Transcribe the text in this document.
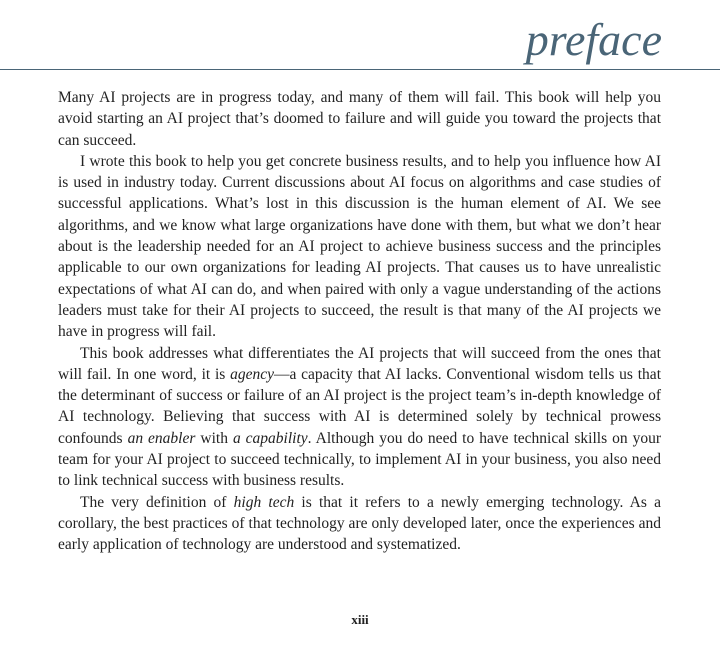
preface

Many AI projects are in progress today, and many of them will fail. This book will help you avoid starting an AI project that’s doomed to failure and will guide you toward the projects that can succeed.

I wrote this book to help you get concrete business results, and to help you influence how AI is used in industry today. Current discussions about AI focus on algorithms and case studies of successful applications. What’s lost in this discussion is the human element of AI. We see algorithms, and we know what large organizations have done with them, but what we don’t hear about is the leadership needed for an AI project to achieve business success and the principles applicable to our own organizations for leading AI projects. That causes us to have unrealistic expectations of what AI can do, and when paired with only a vague understanding of the actions leaders must take for their AI projects to succeed, the result is that many of the AI projects we have in progress will fail.

This book addresses what differentiates the AI projects that will succeed from the ones that will fail. In one word, it is agency—a capacity that AI lacks. Conventional wisdom tells us that the determinant of success or failure of an AI project is the project team’s in-depth knowledge of AI technology. Believing that success with AI is determined solely by technical prowess confounds an enabler with a capability. Although you do need to have technical skills on your team for your AI project to succeed technically, to implement AI in your business, you also need to link technical success with business results.

The very definition of high tech is that it refers to a newly emerging technology. As a corollary, the best practices of that technology are only developed later, once the experiences and early application of technology are understood and systematized.

xiii
